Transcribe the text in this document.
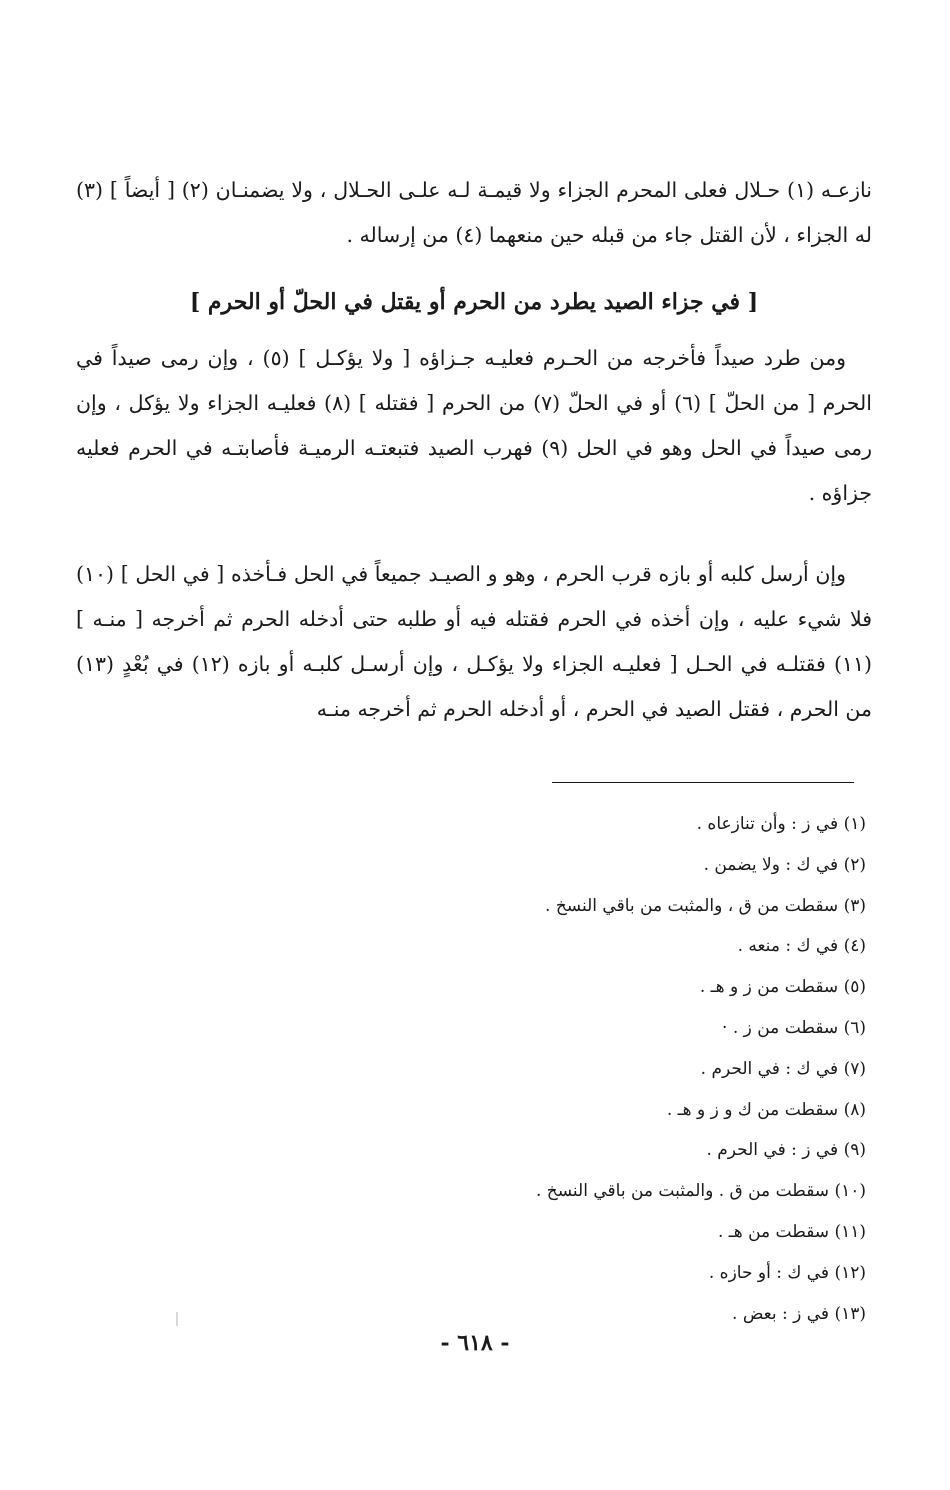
نازعـه (١) حـلال فعلى المحرم الجزاء ولا قيمـة لـه علـى الحـلال ، ولا يضمنـان (٢) [ أيضاً ] (٣) له الجزاء ، لأن القتل جاء من قبله حين منعهما (٤) من إرساله .

[ في جزاء الصيد يطرد من الحرم أو يقتل في الحلّ أو الحرم ]

ومن طرد صيداً فأخرجه من الحـرم فعليـه جـزاؤه [ ولا يؤكـل ] (٥) ، وإن رمى صيداً في الحرم [ من الحلّ ] (٦) أو في الحلّ (٧) من الحرم [ فقتله ] (٨) فعليـه الجزاء ولا يؤكل ، وإن رمى صيداً في الحل وهو في الحل (٩) فهرب الصيد فتبعتـه الرميـة فأصابتـه في الحرم فعليه جزاؤه .

وإن أرسل كلبه أو بازه قرب الحرم ، وهو و الصيـد جميعاً في الحل فـأخذه [ في الحل ] (١٠) فلا شيء عليه ، وإن أخذه في الحرم فقتله فيه أو طلبه حتى أدخله الحرم ثم أخرجه [ منـه ] (١١) فقتلـه في الحـل [ فعليـه الجزاء ولا يؤكـل ، وإن أرسـل كلبـه أو بازه (١٢) في بُعْدٍ (١٣) من الحرم ، فقتل الصيد في الحرم ، أو أدخله الحرم ثم أخرجه منـه

(١) في ز : وأن تنازعاه .
(٢) في ك : ولا يضمن .
(٣) سقطت من ق ، والمثبت من باقي النسخ .
(٤) في ك : منعه .
(٥) سقطت من ز و هـ .
(٦) سقطت من ز . ·
(٧) في ك : في الحرم .
(٨) سقطت من ك و ز و هـ .
(٩) في ز : في الحرم .
(١٠) سقطت من ق . والمثبت من باقي النسخ .
(١١) سقطت من هـ .
(١٢) في ك : أو حازه .
(١٣) في ز : بعض .
- ٦١٨ -
